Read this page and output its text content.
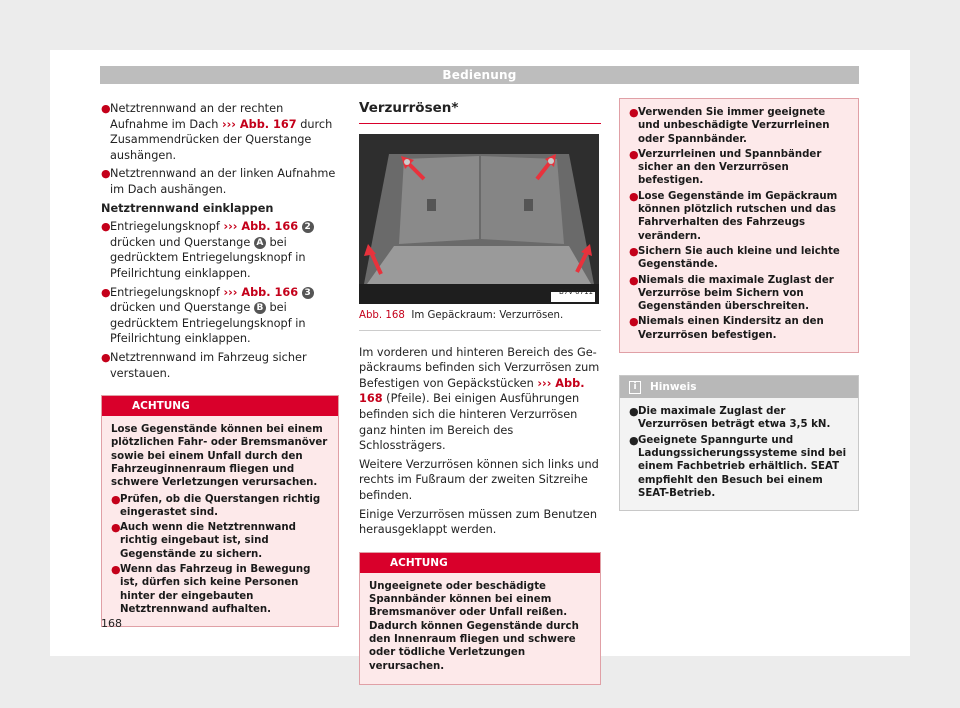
Bedienung
● Netztrennwand an der rechten Aufnahme im Dach ››› Abb. 167 durch Zusammendrücken der Querstange aushängen.
● Netztrennwand an der linken Aufnahme im Dach aushängen.
Netztrennwand einklappen
● Entriegelungsknopf ››› Abb. 166 2 drücken und Querstange A bei gedrücktem Entriegelungsknopf in Pfeilrichtung einklappen.
● Entriegelungsknopf ››› Abb. 166 3 drücken und Querstange B bei gedrücktem Entriegelungsknopf in Pfeilrichtung einklappen.
● Netztrennwand im Fahrzeug sicher verstauen.
ACHTUNG

Lose Gegenstände können bei einem plötzlichen Fahr- oder Bremsmanöver sowie bei einem Unfall durch den Fahrzeuginnenraum fliegen und schwere Verletzungen verursachen.

● Prüfen, ob die Querstangen richtig eingerastet sind.
● Auch wenn die Netztrennwand richtig eingebaut ist, sind Gegenstände zu sichern.
● Wenn das Fahrzeug in Bewegung ist, dürfen sich keine Personen hinter der eingebauten Netztrennwand aufhalten.
Verzurrösen*
B7V-0711
Abb. 168 Im Gepäckraum: Verzurrösen.

Im vorderen und hinteren Bereich des Gepäckraums befinden sich Verzurrösen zum Befestigen von Gepäckstücken ››› Abb. 168 (Pfeile). Bei einigen Ausführungen befinden sich die hinteren Verzurrösen ganz hinten im Bereich des Schlossträgers.

Weitere Verzurrösen können sich links und rechts im Fußraum der zweiten Sitzreihe befinden.

Einige Verzurrösen müssen zum Benutzen herausgeklappt werden.

ACHTUNG

Ungeeignete oder beschädigte Spannbänder können bei einem Bremsmanöver oder Unfall reißen. Dadurch können Gegenstände durch den Innenraum fliegen und schwere oder tödliche Verletzungen verursachen.

● Verwenden Sie immer geeignete und unbeschädigte Verzurrleinen oder Spannbänder.
● Verzurrleinen und Spannbänder sicher an den Verzurrösen befestigen.
● Lose Gegenstände im Gepäckraum können plötzlich rutschen und das Fahrverhalten des Fahrzeugs verändern.
● Sichern Sie auch kleine und leichte Gegenstände.
● Niemals die maximale Zuglast der Verzurröse beim Sichern von Gegenständen überschreiten.
● Niemals einen Kindersitz an den Verzurrösen befestigen.
i	Hinweis
● Die maximale Zuglast der Verzurrösen beträgt etwa 3,5 kN.
● Geeignete Spanngurte und Ladungssicherungssysteme sind bei einem Fachbetrieb erhältlich. SEAT empfiehlt den Besuch bei einem SEAT-Betrieb.
168
